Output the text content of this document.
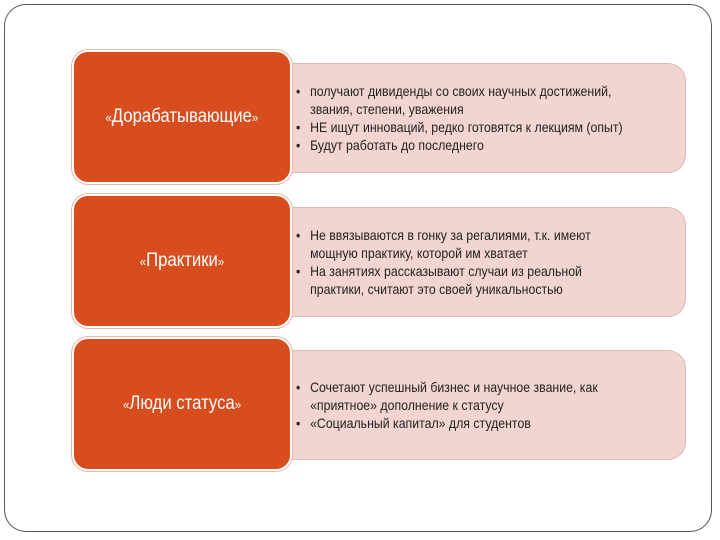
• получают дивиденды со своих научных достижений, звания, степени, уважения
• НЕ ищут инноваций, редко готовятся к лекциям (опыт)
• Будут работать до последнего
«Дорабатывающие»
• Не ввязываются в гонку за регалиями, т.к. имеют мощную практику, которой им хватает
• На занятиях рассказывают случаи из реальной практики, считают это своей уникальностью
«Практики»
• Сочетают успешный бизнес и научное звание, как «приятное» дополнение к статусу
• «Социальный капитал» для студентов
«Люди статуса»
